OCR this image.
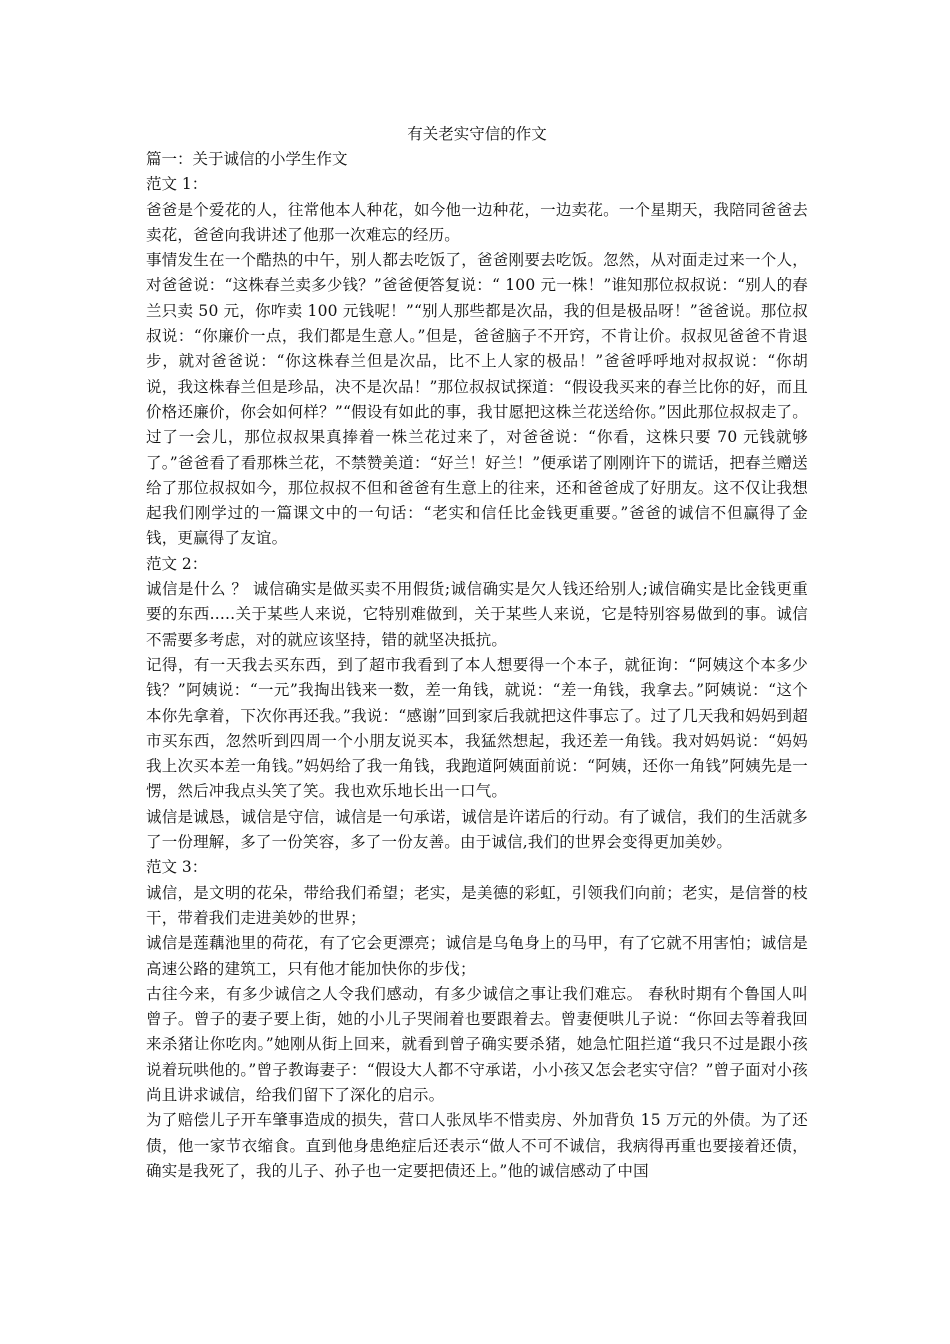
有关老实守信的作文

篇一：关于诚信的小学生作文

范文 1：

爸爸是个爱花的人，往常他本人种花，如今他一边种花，一边卖花。一个星期天，我陪同爸爸去卖花，爸爸向我讲述了他那一次难忘的经历。

事情发生在一个酷热的中午，别人都去吃饭了，爸爸刚要去吃饭。忽然，从对面走过来一个人，对爸爸说：“这株春兰卖多少钱？”爸爸便答复说：“ 100 元一株！”谁知那位叔叔说：“别人的春兰只卖 50 元，你咋卖 100 元钱呢！”“别人那些都是次品，我的但是极品呀！”爸爸说。那位叔叔说：“你廉价一点，我们都是生意人。”但是，爸爸脑子不开窍，不肯让价。叔叔见爸爸不肯退步，就对爸爸说：“你这株春兰但是次品，比不上人家的极品！”爸爸呼呼地对叔叔说：“你胡说，我这株春兰但是珍品，决不是次品！”那位叔叔试探道：“假设我买来的春兰比你的好，而且价格还廉价，你会如何样？”“假设有如此的事，我甘愿把这株兰花送给你。”因此那位叔叔走了。过了一会儿，那位叔叔果真捧着一株兰花过来了，对爸爸说：“你看，这株只要 70 元钱就够了。”爸爸看了看那株兰花，不禁赞美道：“好兰！好兰！”便承诺了刚刚许下的谎话，把春兰赠送给了那位叔叔如今，那位叔叔不但和爸爸有生意上的往来，还和爸爸成了好朋友。这不仅让我想起我们刚学过的一篇课文中的一句话：“老实和信任比金钱更重要。”爸爸的诚信不但赢得了金钱，更赢得了友谊。

范文 2：

诚信是什么 ？ 诚信确实是做买卖不用假货;诚信确实是欠人钱还给别人;诚信确实是比金钱更重要的东西.....关于某些人来说，它特别难做到，关于某些人来说，它是特别容易做到的事。诚信不需要多考虑，对的就应该坚持，错的就坚决抵抗。

记得，有一天我去买东西，到了超市我看到了本人想要得一个本子，就征询：“阿姨这个本多少钱？”阿姨说：“一元”我掏出钱来一数，差一角钱，就说：“差一角钱，我拿去。”阿姨说：“这个本你先拿着，下次你再还我。”我说：“感谢”回到家后我就把这件事忘了。过了几天我和妈妈到超市买东西，忽然听到四周一个小朋友说买本，我猛然想起，我还差一角钱。我对妈妈说：“妈妈我上次买本差一角钱。”妈妈给了我一角钱，我跑道阿姨面前说：“阿姨，还你一角钱”阿姨先是一愣，然后冲我点头笑了笑。我也欢乐地长出一口气。

诚信是诚恳，诚信是守信，诚信是一句承诺，诚信是许诺后的行动。有了诚信，我们的生活就多了一份理解，多了一份笑容，多了一份友善。由于诚信,我们的世界会变得更加美妙。

范文 3：

诚信，是文明的花朵，带给我们希望；老实，是美德的彩虹，引领我们向前；老实，是信誉的枝干，带着我们走进美妙的世界；

诚信是莲藕池里的荷花，有了它会更漂亮；诚信是乌龟身上的马甲，有了它就不用害怕；诚信是高速公路的建筑工，只有他才能加快你的步伐；

古往今来，有多少诚信之人令我们感动，有多少诚信之事让我们难忘。 春秋时期有个鲁国人叫曾子。曾子的妻子要上街，她的小儿子哭闹着也要跟着去。曾妻便哄儿子说：“你回去等着我回来杀猪让你吃肉。”她刚从街上回来，就看到曾子确实要杀猪，她急忙阻拦道“我只不过是跟小孩说着玩哄他的。”曾子教诲妻子：“假设大人都不守承诺，小小孩又怎会老实守信？”曾子面对小孩尚且讲求诚信，给我们留下了深化的启示。

为了赔偿儿子开车肇事造成的损失，营口人张凤毕不惜卖房、外加背负 15 万元的外债。为了还债，他一家节衣缩食。直到他身患绝症后还表示“做人不可不诚信，我病得再重也要接着还债，确实是我死了，我的儿子、孙子也一定要把债还上。”他的诚信感动了中国
